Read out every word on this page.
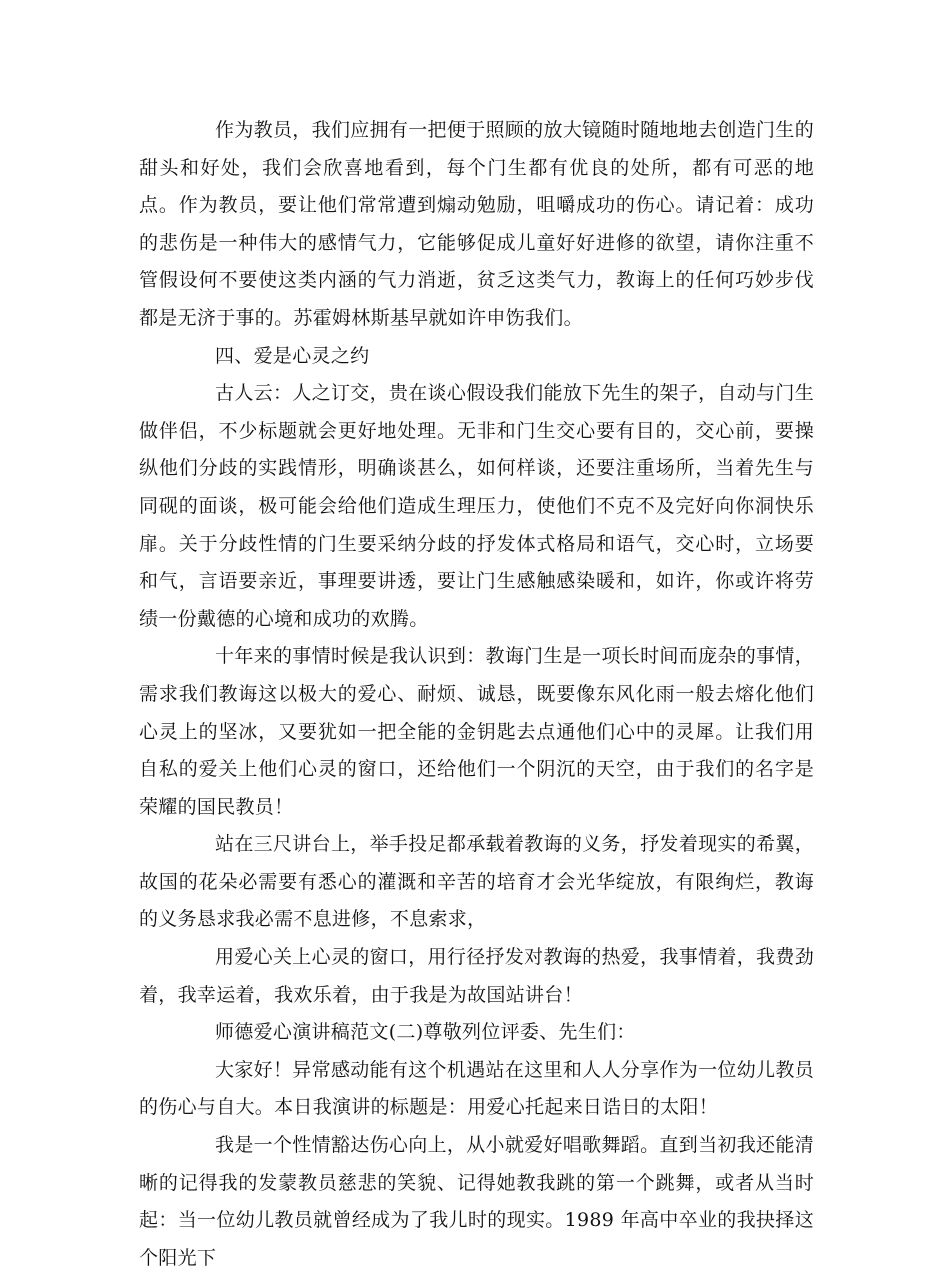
作为教员，我们应拥有一把便于照顾的放大镜随时随地地去创造门生的甜头和好处，我们会欣喜地看到，每个门生都有优良的处所，都有可恶的地点。作为教员，要让他们常常遭到煽动勉励，咀嚼成功的伤心。请记着：成功的悲伤是一种伟大的感情气力，它能够促成儿童好好进修的欲望，请你注重不管假设何不要使这类内涵的气力消逝，贫乏这类气力，教诲上的任何巧妙步伐都是无济于事的。苏霍姆林斯基早就如许申饬我们。

四、爱是心灵之约

古人云：人之订交，贵在谈心假设我们能放下先生的架子，自动与门生做伴侣，不少标题就会更好地处理。无非和门生交心要有目的，交心前，要操纵他们分歧的实践情形，明确谈甚么，如何样谈，还要注重场所，当着先生与同砚的面谈，极可能会给他们造成生理压力，使他们不克不及完好向你洞快乐扉。关于分歧性情的门生要采纳分歧的抒发体式格局和语气，交心时，立场要和气，言语要亲近，事理要讲透，要让门生感触感染暖和，如许，你或许将劳绩一份戴德的心境和成功的欢腾。

十年来的事情时候是我认识到：教诲门生是一项长时间而庞杂的事情，需求我们教诲这以极大的爱心、耐烦、诚恳，既要像东风化雨一般去熔化他们心灵上的坚冰，又要犹如一把全能的金钥匙去点通他们心中的灵犀。让我们用自私的爱关上他们心灵的窗口，还给他们一个阴沉的天空，由于我们的名字是荣耀的国民教员！

站在三尺讲台上，举手投足都承载着教诲的义务，抒发着现实的希翼，故国的花朵必需要有悉心的灌溉和辛苦的培育才会光华绽放，有限绚烂，教诲的义务恳求我必需不息进修，不息索求，

用爱心关上心灵的窗口，用行径抒发对教诲的热爱，我事情着，我费劲着，我幸运着，我欢乐着，由于我是为故国站讲台！

师德爱心演讲稿范文(二)尊敬列位评委、先生们：

大家好！异常感动能有这个机遇站在这里和人人分享作为一位幼儿教员的伤心与自大。本日我演讲的标题是：用爱心托起来日诰日的太阳！

我是一个性情豁达伤心向上，从小就爱好唱歌舞蹈。直到当初我还能清晰的记得我的发蒙教员慈悲的笑貌、记得她教我跳的第一个跳舞，或者从当时起：当一位幼儿教员就曾经成为了我儿时的现实。1989 年高中卒业的我抉择这个阳光下
